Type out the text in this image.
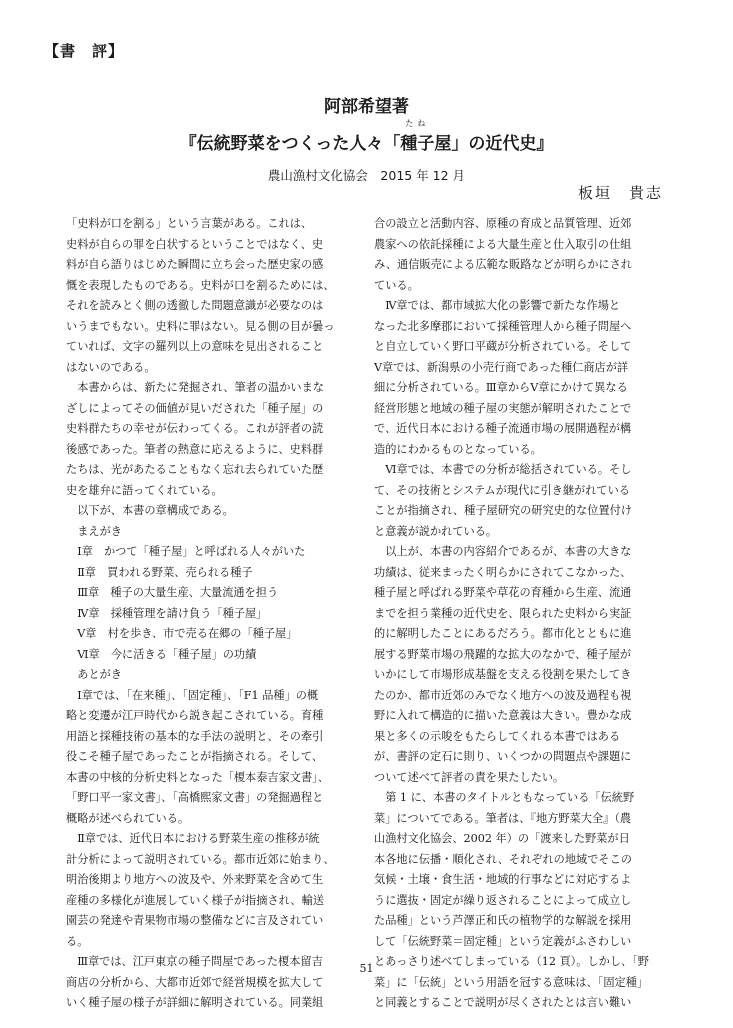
【書　評】
阿部希望著
『伝統野菜をつくった人々「
たね
種子屋」の近代史』
農山漁村文化協会　2015 年 12 月
板垣　貴志
「史料が口を割る」という言葉がある。これは、
史料が自らの罪を白状するということではなく、史
料が自ら語りはじめた瞬間に立ち会った歴史家の感
慨を表現したものである。史料が口を割るためには、
それを読みとく側の透徹した問題意識が必要なのは
いうまでもない。史料に罪はない。見る側の目が曇っ
ていれば、文字の羅列以上の意味を見出されること
はないのである。
　本書からは、新たに発掘され、筆者の温かいまな
ざしによってその価値が見いだされた「種子屋」の
史料群たちの幸せが伝わってくる。これが評者の読
後感であった。筆者の熱意に応えるように、史料群
たちは、光があたることもなく忘れ去られていた歴
史を雄弁に語ってくれている。
　以下が、本書の章構成である。
　まえがき
　Ⅰ章　かつて「種子屋」と呼ばれる人々がいた
　Ⅱ章　買われる野菜、売られる種子
　Ⅲ章　種子の大量生産、大量流通を担う
　Ⅳ章　採種管理を請け負う「種子屋」
　Ⅴ章　村を歩き、市で売る在郷の「種子屋」
　Ⅵ章　今に活きる「種子屋」の功績
　あとがき
　Ⅰ章では、「在来種」、「固定種」、「F1 品種」の概
略と変遷が江戸時代から説き起こされている。育種
用語と採種技術の基本的な手法の説明と、その牽引
役こそ種子屋であったことが指摘される。そして、
本書の中核的分析史料となった「榎本泰吉家文書」、
「野口平一家文書」、「高橋熙家文書」の発掘過程と
概略が述べられている。
　Ⅱ章では、近代日本における野菜生産の推移が統
計分析によって説明されている。都市近郊に始まり、
明治後期より地方への波及や、外来野菜を含めて生
産種の多様化が進展していく様子が指摘され、輸送
園芸の発達や青果物市場の整備などに言及されてい
る。
　Ⅲ章では、江戸東京の種子問屋であった榎本留吉
商店の分析から、大都市近郊で経営規模を拡大して
いく種子屋の様子が詳細に解明されている。同業組
合の設立と活動内容、原種の育成と品質管理、近郊
農家への依託採種による大量生産と仕入取引の仕組
み、通信販売による広範な販路などが明らかにされ
ている。
　Ⅳ章では、都市域拡大化の影響で新たな作場と
なった北多摩郡において採種管理人から種子問屋へ
と自立していく野口平蔵が分析されている。そして
Ⅴ章では、新潟県の小売行商であった種仁商店が詳
細に分析されている。Ⅲ章からⅤ章にかけて異なる
経営形態と地域の種子屋の実態が解明されたことで
で、近代日本における種子流通市場の展開過程が構
造的にわかるものとなっている。
　Ⅵ章では、本書での分析が総括されている。そし
て、その技術とシステムが現代に引き継がれている
ことが指摘され、種子屋研究の研究史的な位置付け
と意義が説かれている。
　以上が、本書の内容紹介であるが、本書の大きな
功績は、従来まったく明らかにされてこなかった、
種子屋と呼ばれる野菜や草花の育種から生産、流通
までを担う業種の近代史を、限られた史料から実証
的に解明したことにあるだろう。都市化とともに進
展する野菜市場の飛躍的な拡大のなかで、種子屋が
いかにして市場形成基盤を支える役割を果たしてき
たのか、都市近郊のみでなく地方への波及過程も視
野に入れて構造的に描いた意義は大きい。豊かな成
果と多くの示唆をもたらしてくれる本書ではある
が、書評の定石に則り、いくつかの問題点や課題に
ついて述べて評者の責を果たしたい。
　第 1 に、本書のタイトルともなっている「伝統野
菜」についてである。筆者は、『地方野菜大全』（農
山漁村文化協会、2002 年）の「渡来した野菜が日
本各地に伝播・順化され、それぞれの地域でそこの
気候・土壌・食生活・地域的行事などに対応するよ
うに選抜・固定が繰り返されることによって成立し
た品種」という芦澤正和氏の植物学的な解説を採用
して「伝統野菜＝固定種」という定義がふさわしい
とあっさり述べてしまっている（12 頁）。しかし、「野
菜」に「伝統」という用語を冠する意味は、「固定種」
と同義とすることで説明が尽くされたとは言い難い
51
